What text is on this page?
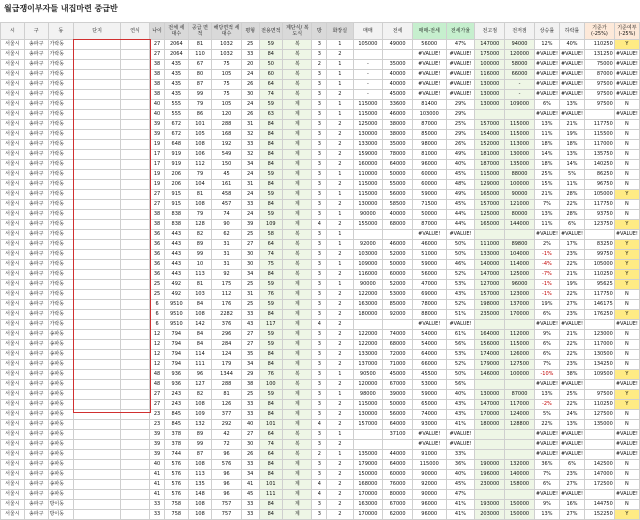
월급쟁이부자들 내집마련 중급반
시	구	동	단지	연식	나이	전체 세대수	공급 면적	해당면적 세대수	평형	전용면적	계단식/ 복도식	방	화장실	매매	전세	매매-전세	전세가율	전고점	전저점	상승률	하락률	기준가 (-25%)	기준여부 (-25%)
서울시	송파구	가락동			27	2064	81	1032	25	59	복	3	1	105000	49000	56000	47%	147000	94000	12%	40%	110250	Y
서울시	송파구	가락동			27	2064	110	1032	33	84	복	3	2			#VALUE!	#VALUE!	175000	120000	#VALUE!	#VALUE!	131250	#VALUE!
서울시	송파구	가락동			38	435	67	75	20	50	복	2	1	-	35000	#VALUE!	#VALUE!	100000	58000	#VALUE!	#VALUE!	75000	#VALUE!
서울시	송파구	가락동			38	435	80	105	24	60	복	3	1	-	40000	#VALUE!	#VALUE!	116000	66000	#VALUE!	#VALUE!	87000	#VALUE!
서울시	송파구	가락동			38	435	87	75	26	64	복	3	1	-	40000	#VALUE!	#VALUE!	130000	-	#VALUE!	#VALUE!	97500	#VALUE!
서울시	송파구	가락동			38	435	99	75	30	74	복	3	2	-	45000	#VALUE!	#VALUE!	130000	-	#VALUE!	#VALUE!	97500	#VALUE!
서울시	송파구	가락동			40	555	79	105	24	59	계	3	1	115000	33600	81400	29%	130000	109000	6%	13%	97500	N
서울시	송파구	가락동			40	555	86	120	26	63	계	3	1	115000	46000	103000	29%			#VALUE!	#VALUE!		#VALUE!
서울시	송파구	가락동			39	672	101	288	31	84	계	3	2	125000	38000	87000	25%	157000	115000	13%	21%	117750	N
서울시	송파구	가락동			39	672	105	168	32	84	계	3	2	130000	38000	85000	29%	154000	115000	11%	19%	115500	N
서울시	송파구	가락동			19	648	108	192	33	84	계	3	2	133000	35000	98000	26%	152000	113000	18%	18%	117000	N
서울시	송파구	가락동			17	919	106	549	32	84	계	3	2	159000	78000	81000	49%	181000	130000	14%	13%	135750	N
서울시	송파구	가락동			17	919	112	150	34	84	계	3	2	160000	64000	96000	40%	187000	135000	18%	14%	140250	N
서울시	송파구	가락동			19	206	79	45	24	59	계	3	1	110000	50000	60000	45%	115000	88000	25%	5%	86250	N
서울시	송파구	가락동			19	206	104	161	31	84	계	3	2	115000	55000	60000	48%	129000	100000	15%	11%	96750	N
서울시	송파구	가락동			27	915	81	458	24	59	계	3	1	115000	56000	59000	49%	165000	90000	21%	28%	105000	Y
서울시	송파구	가락동			27	915	108	457	33	84	계	3	2	130000	58500	71500	45%	157000	121000	7%	22%	117750	N
서울시	송파구	가락동			38	838	79	74	24	59	계	3	1	90000	40000	50000	44%	125000	80000	13%	28%	93750	N
서울시	송파구	가락동			38	838	128	90	39	109	계	4	2	155000	68000	87000	44%	165000	144000	11%	6%	123750	Y
서울시	송파구	가락동			36	443	82	62	25	58	복	3	1			#VALUE!	#VALUE!			#VALUE!	#VALUE!		#VALUE!
서울시	송파구	가락동			36	443	89	31	27	64	복	3	1	92000	46000	46000	50%	111000	89800	2%	17%	83250	Y
서울시	송파구	가락동			36	443	99	31	30	74	복	3	2	103000	52000	51000	50%	133000	104000	-1%	23%	99750	Y
서울시	송파구	가락동			36	443	10	31	30	75	복	3	1	109000	50000	59000	46%	140000	114000	-4%	22%	105000	Y
서울시	송파구	가락동			36	443	113	92	34	84	복	3	2	116000	60000	56000	52%	147000	125000	-7%	21%	110250	Y
서울시	송파구	가락동			25	492	81	175	25	59	계	3	1	90000	52000	47000	53%	127000	96000	-1%	19%	95625	Y
서울시	송파구	가락동			25	492	103	112	31	76	계	3	2	122000	53000	69000	43%	157000	123000	-1%	22%	117750	N
서울시	송파구	가락동			6	9510	84	176	25	59	계	3	2	163000	85000	78000	52%	198000	137000	19%	27%	146175	N
서울시	송파구	가락동			6	9510	108	2282	33	84	계	3	2	180000	92000	88000	51%	235000	170000	6%	23%	176250	Y
서울시	송파구	가락동			6	9510	142	376	43	117	계	4	2			#VALUE!	#VALUE!			#VALUE!	#VALUE!		#VALUE!
서울시	송파구	송파동			12	794	84	296	27	59	계	3	2	122000	74000	54000	61%	164000	112000	9%	21%	123000	N
서울시	송파구	송파동			12	794	84	284	27	59	계	3	2	122000	68000	54000	56%	156000	115000	6%	22%	117000	N
서울시	송파구	송파동			12	794	114	124	35	84	계	3	2	133000	72000	64000	53%	174000	126000	6%	22%	130500	N
서울시	송파구	송파동			12	794	111	179	34	84	계	3	2	137000	71000	66000	52%	179000	127500	7%	23%	134250	N
서울시	송파구	송파동			48	936	96	1344	29	76	복	3	1	90500	45000	45500	50%	146000	100000	-10%	38%	109500	Y
서울시	송파구	송파동			48	936	127	288	38	100	복	3	2	120000	67000	53000	56%			#VALUE!	#VALUE!		#VALUE!
서울시	송파구	송파동			27	243	82	81	25	59	계	3	1	98000	39000	59000	40%	130000	87000	13%	25%	97500	Y
서울시	송파구	송파동			27	243	108	126	33	84	계	3	2	115000	50000	65000	43%	147000	117000	-2%	22%	110250	Y
서울시	송파구	송파동			23	845	109	377	33	84	계	3	2	130000	56000	74000	43%	170000	124000	5%	24%	127500	N
서울시	송파구	송파동			23	845	132	292	40	101	계	4	2	157000	64000	93000	41%	180000	128800	22%	13%	135000	N
서울시	송파구	송파동			39	378	89	42	27	64	복	3	1		37100	#VALUE!	#VALUE!			#VALUE!	#VALUE!		#VALUE!
서울시	송파구	송파동			39	378	99	72	30	74	복	3	2			#VALUE!	#VALUE!			#VALUE!	#VALUE!		#VALUE!
서울시	송파구	송파동			39	744	87	96	26	64	복	2	1	135000	44000	91000	33%			#VALUE!	#VALUE!		#VALUE!
서울시	송파구	송파동			40	576	108	576	33	84	계	3	2	179000	64000	115000	36%	190000	132000	36%	6%	142500	N
서울시	송파구	송파동			41	576	113	96	34	84	계	3	2	150000	60000	90000	40%	196000	140000	7%	23%	147000	N
서울시	송파구	송파동			41	576	135	96	41	101	계	4	2	168000	76000	92000	45%	230000	158000	6%	27%	172500	N
서울시	송파구	송파동			41	576	148	96	45	111	계	4	2	170000	80000	90000	47%			#VALUE!	#VALUE!		#VALUE!
서울시	송파구	방이동			33	758	108	757	33	84	계	3	2	163000	67000	96000	41%	193000	150000	9%	16%	144750	N
서울시	송파구	방이동			33	758	108	757	33	84	계	3	2	170000	62000	96000	41%	203000	150000	13%	27%	152250	Y
